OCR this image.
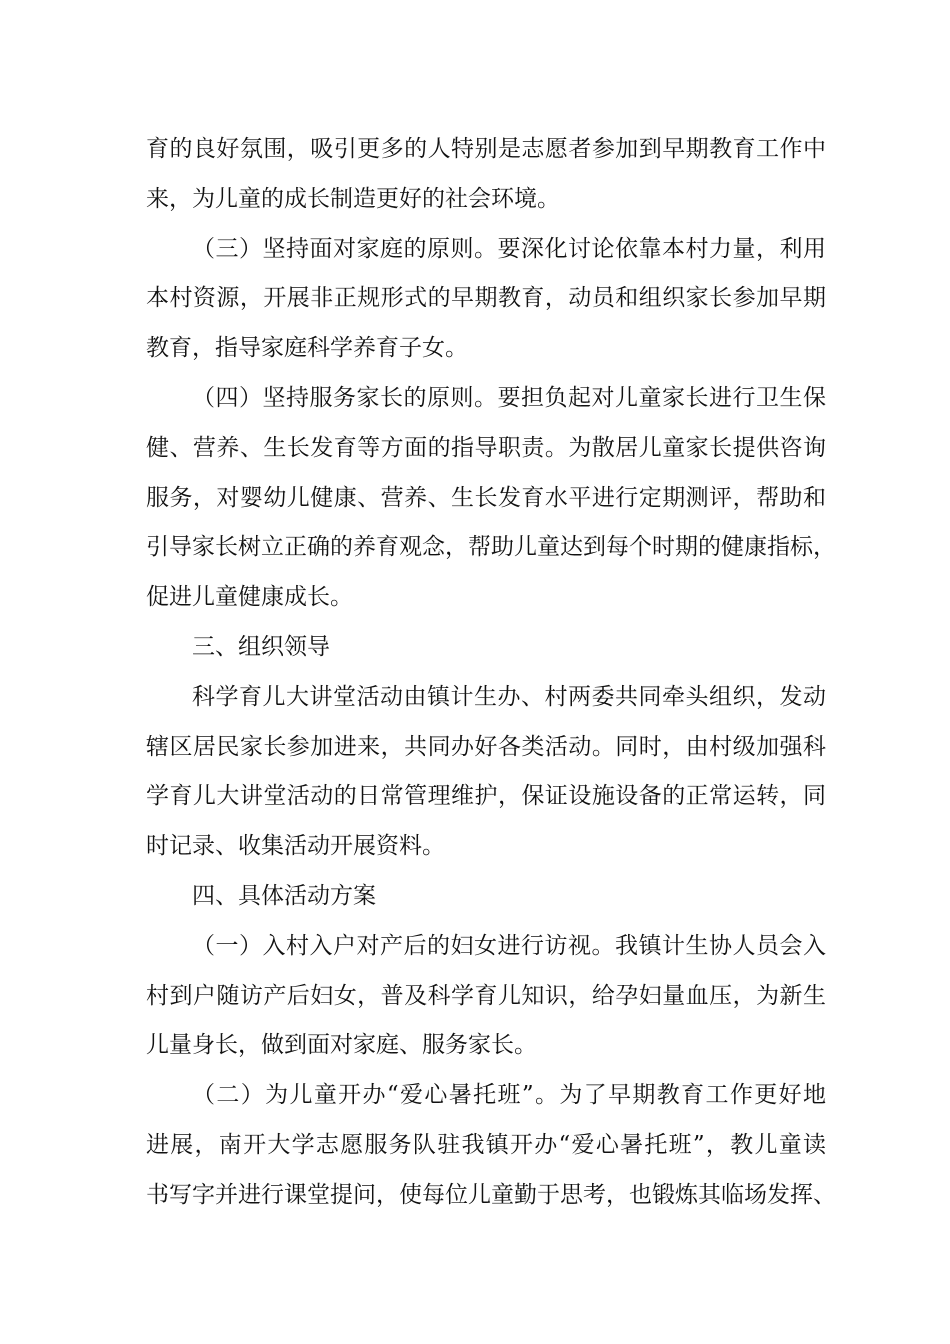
育的良好氛围，吸引更多的人特别是志愿者参加到早期教育工作中
来，为儿童的成长制造更好的社会环境。
（三）坚持面对家庭的原则。要深化讨论依靠本村力量，利用
本村资源，开展非正规形式的早期教育，动员和组织家长参加早期
教育，指导家庭科学养育子女。
（四）坚持服务家长的原则。要担负起对儿童家长进行卫生保
健、营养、生长发育等方面的指导职责。为散居儿童家长提供咨询
服务，对婴幼儿健康、营养、生长发育水平进行定期测评，帮助和
引导家长树立正确的养育观念，帮助儿童达到每个时期的健康指标，
促进儿童健康成长。
三、组织领导
科学育儿大讲堂活动由镇计生办、村两委共同牵头组织，发动
辖区居民家长参加进来，共同办好各类活动。同时，由村级加强科
学育儿大讲堂活动的日常管理维护，保证设施设备的正常运转，同
时记录、收集活动开展资料。
四、具体活动方案
（一）入村入户对产后的妇女进行访视。我镇计生协人员会入
村到户随访产后妇女，普及科学育儿知识，给孕妇量血压，为新生
儿量身长，做到面对家庭、服务家长。
（二）为儿童开办“爱心暑托班”。为了早期教育工作更好地
进展，南开大学志愿服务队驻我镇开办“爱心暑托班”，教儿童读
书写字并进行课堂提问，使每位儿童勤于思考，也锻炼其临场发挥、
